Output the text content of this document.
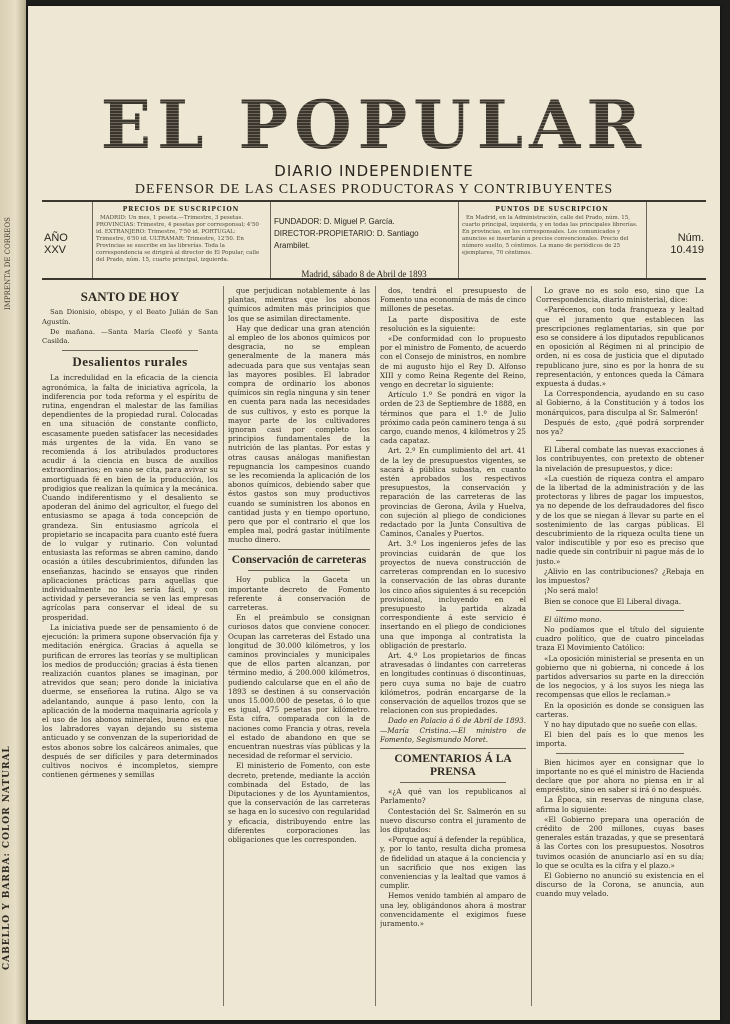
IMPRENTA DE CORREOS
CABELLO Y BARBA: COLOR NATURAL
EL POPULAR
DIARIO INDEPENDIENTE
DEFENSOR DE LAS CLASES PRODUCTORAS Y CONTRIBUYENTES
AÑO XXV
PRECIOS DE SUSCRIPCION

MADRID: Un mes, 1 peseta.—Trimestre, 3 pesetas. PROVINCIAS: Trimestre, 4 pesetas por corresponsal; 4'50 id. EXTRANJERO: Trimestre, 7'50 id. PORTUGAL: Trimestre, 6'50 id. ULTRAMAR: Trimestre, 12'50. En Provincias se suscribe en las librerías. Toda la correspondencia se dirigirá al director de El Popular, calle del Prado, núm. 15, cuarto principal, izquierda.

FUNDADOR: D. Miguel P. García.
DIRECTOR-PROPIETARIO: D. Santiago Arambilet.
Madrid, sábado 8 de Abril de 1893
PUNTOS DE SUSCRIPCION

En Madrid, en la Administración, calle del Prado, núm. 15, cuarto principal, izquierda, y en todas las principales librerías. En provincias, en los corresponsales. Los comunicados y anuncios se insertarán a precios convencionales. Precio del número suelto, 5 céntimos. La mano de periódicos de 25 ejemplares, 70 céntimos.

Núm. 10.419
SANTO DE HOY

San Dionisio, obispo, y el Beato Julián de San Agustín.

De mañana. —Santa María Cleofé y Santa Casilda.

Desalientos rurales

La incredulidad en la eficacia de la ciencia agronómica, la falta de iniciativa agrícola, la indiferencia por toda reforma y el espíritu de rutina, engendran el malestar de las familias dependientes de la propiedad rural. Colocadas en una situación de constante conflicto, escasamente pueden satisfacer las necesidades más urgentes de la vida. En vano se recomienda á los atribulados productores acudir á la ciencia en busca de auxilios extraordinarios; en vano se cita, para avivar su amortiguada fé en bien de la producción, los prodigios que realizan la química y la mecánica. Cuando indiferentismo y el desaliento se apoderan del ánimo del agricultor, el fuego del entusiasmo se apaga á toda concepción de grandeza. Sin entusiasmo agrícola el propietario se incapacita para cuanto esté fuera de lo vulgar y rutinario. Con voluntad entusiasta las reformas se abren camino, dando ocasión a útiles descubrimientos, difunden las enseñanzas, hacindo se ensayos que rinden aplicaciones prácticas para aquellas que individualmente no les sería fácil, y con actividad y perseverancia se ven las empresas agrícolas para conservar el ideal de su prosperidad.

La iniciativa puede ser de pensamiento ó de ejecución: la primera supone observación fija y meditación enérgica. Gracias á aquella se purifican de errores las teorías y se multiplican los medios de producción; gracias á ésta tienen realización cuantos planes se imaginan, por atrevidos que sean; pero donde la iniciativa duerme, se enseñorea la rutina. Algo se va adelantando, aunque á paso lento, con la aplicación de la moderna maquinaria agrícola y el uso de los abonos minerales, bueno es que los labradores vayan dejando su sistema anticuado y se convenzan de la superioridad de estos abonos sobre los calcáreos animales, que después de ser difíciles y para determinados cultivos nocivos é incompletos, siempre contienen gérmenes y semillas

que perjudican notablemente á las plantas, mientras que los abonos químicos admiten más principios que los que se asimilan directamente.

Hay que dedicar una gran atención al empleo de los abonos químicos por desgracia, no se emplean generalmente de la manera más adecuada para que sus ventajas sean las mayores posibles. El labrador compra de ordinario los abonos químicos sin regla ninguna y sin tener en cuenta para nada las necesidades de sus cultivos, y esto es porque la mayor parte de los cultivadores ignoran casi por completo los principios fundamentales de la nutrición de las plantas. Por estas y otras causas análogas manifiestan repugnancia los campesinos cuando se les recomienda la aplicación de los abonos químicos, debiendo saber que éstos gastos son muy productivos cuando se suministren los abonos en cantidad justa y en tiempo oportuno, pero que por el contrario el que los emplea mal, podrá gastar inútilmente mucho dinero.

Conservación de carreteras

Hoy publica la Gaceta un importante decreto de Fomento referente á conservación de carreteras.

En el preámbulo se consignan curiosos datos que conviene conocer. Ocupan las carreteras del Estado una longitud de 30.000 kilómetros, y los caminos provinciales y municipales que de ellos parten alcanzan, por término medio, á 200.000 kilómetros, pudiendo calcularse que en el año de 1893 se destinen á su conservación unos 15.000.000 de pesetas, ó lo que es igual, 475 pesetas por kilómetro. Esta cifra, comparada con la de naciones como Francia y otras, revela el estado de abandono en que se encuentran nuestras vías públicas y la necesidad de reformar el servicio.

El ministerio de Fomento, con este decreto, pretende, mediante la acción combinada del Estado, de las Diputaciones y de los Ayuntamientos, que la conservación de las carreteras se haga en lo sucesivo con regularidad y eficacia, distribuyendo entre las diferentes corporaciones las obligaciones que les corresponden.

dos, tendrá el presupuesto de Fomento una economía de más de cinco millones de pesetas.

La parte dispositiva de este resolución es la siguiente:

«De conformidad con lo propuesto por el ministro de Fomento, de acuerdo con el Consejo de ministros, en nombre de mi augusto hijo el Rey D. Alfonso XIII y como Reina Regente del Reino, vengo en decretar lo siguiente:

Artículo 1.º Se pondrá en vigor la orden de 23 de Septiembre de 1888, en términos que para el 1.º de Julio próximo cada peón caminero tenga á su cargo, cuando menos, 4 kilómetros y 25 cada capataz.

Art. 2.º En cumplimiento del art. 41 de la ley de presupuestos vigentes, se sacará á pública subasta, en cuanto estén aprobados los respectivos presupuestos, la conservación y reparación de las carreteras de las provincias de Gerona, Ávila y Huelva, con sujeción al pliego de condiciones redactado por la Junta Consultiva de Caminos, Canales y Puertos.

Art. 3.º Los ingenieros jefes de las provincias cuidarán de que los proyectos de nueva construcción de carreteras comprendan en lo sucesivo la conservación de las obras durante los cinco años siguientes á su recepción provisional, incluyendo en el presupuesto la partida alzada correspondiente á este servicio é insertando en el pliego de condiciones una que imponga al contratista la obligación de prestarlo.

Art. 4.º Los propietarios de fincas atravesadas ó lindantes con carreteras en longitudes continuas ó discontinuas, pero cuya suma no baje de cuatro kilómetros, podrán encargarse de la conservación de aquellos trozos que se relacionen con sus propiedades.

Dado en Palacio á 6 de Abril de 1893.—María Cristina.—El ministro de Fomento, Segismundo Moret.

COMENTARIOS Á LA PRENSA

«¿A qué van los republicanos al Parlamento?

Contestación del Sr. Salmerón en su nuevo discurso contra el juramento de los diputados:

«Porque aquí á defender la república, y, por lo tanto, resulta dicha promesa de fidelidad un ataque á la conciencia y un sacrificio que nos exigen las conveniencias y la lealtad que vamos á cumplir.

Hemos venido también al amparo de una ley, obligándonos ahora á mostrar convencidamente el exigimos fuese juramento.»

Lo grave no es solo eso, sino que La Correspondencia, diario ministerial, dice:

«Parécenos, con toda franqueza y lealtad que el juramento que establecen las prescripciones reglamentarias, sin que por eso se considere á los diputados republicanos en oposición al Régimen ni al principio de orden, ni es cosa de justicia que el diputado republicano jure, sino es por la honra de su representación, y entonces queda la Cámara expuesta á dudas.»

La Correspondencia, ayudando en su caso al Gobierno, á la Constitución y á todos los monárquicos, para disculpa al Sr. Salmerón!

Después de esto, ¿qué podrá sorprender nos ya?

El Liberal combate las nuevas exacciones á los contribuyentes, con pretexto de obtener la nivelación de presupuestos, y dice:

«La cuestión de riqueza contra el amparo de la libertad de la administración y de las protectoras y libres de pagar los impuestos, ya no depende de los defraudadores del fisco y de los que se niegan á llevar su parte en el sostenimiento de las cargas públicas. El descubrimiento de la riqueza oculta tiene un valor indiscutible y por eso es preciso que nadie quede sin contribuir ni pague más de lo justo.»

¿Alivio en las contribuciones? ¿Rebaja en los impuestos?

¡No será malo!

Bien se conoce que El Liberal divaga.

El último mono.

No podíamos que el título del siguiente cuadro político, que de cuatro pinceladas traza El Movimiento Católico:

«La oposición ministerial se presenta en un gobierno que ni gobierna, ni concede á los partidos adversarios su parte en la dirección de los negocios, y á los suyos les niega las recompensas que ellos le reclaman.»

En la oposición es donde se consiguen las carteras.

Y no hay diputado que no sueñe con ellas.

El bien del país es lo que menos les importa.

Bien hicimos ayer en consignar que lo importante no es qué el ministro de Hacienda declare que por ahora no piensa en ir al empréstito, sino en saber si irá ó no después.

La Época, sin reservas de ninguna clase, afirma lo siguiente:

«El Gobierno prepara una operación de crédito de 200 millones, cuyas bases generales están trazadas, y que se presentará á las Cortes con los presupuestos. Nosotros tuvimos ocasión de anunciarlo así en su día; lo que se oculta es la cifra y el plazo.»

El Gobierno no anunció su existencia en el discurso de la Corona, se anuncia, aun cuando muy velado.
